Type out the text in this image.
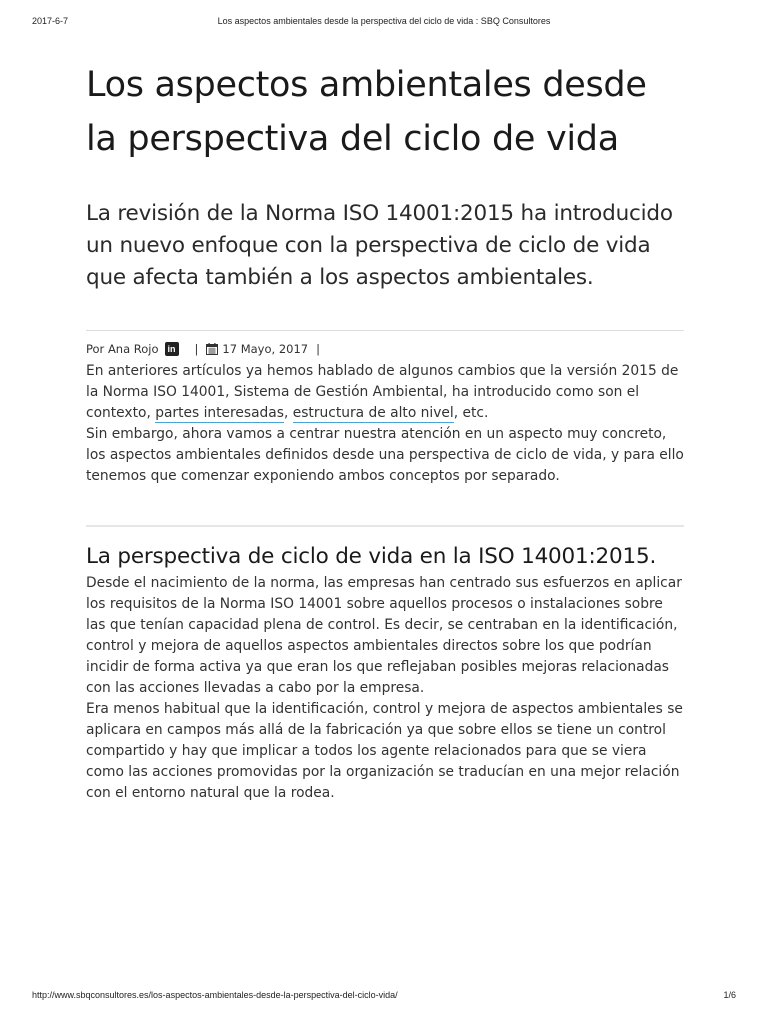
2017-6-7	Los aspectos ambientales desde la perspectiva del ciclo de vida : SBQ Consultores
Los aspectos ambientales desde la perspectiva del ciclo de vida

La revisión de la Norma ISO 14001:2015 ha introducido un nuevo enfoque con la perspectiva de ciclo de vida que afecta también a los aspectos ambientales.

Por Ana Rojo	in | 17 Mayo, 2017 |

En anteriores artículos ya hemos hablado de algunos cambios que la versión 2015 de la Norma ISO 14001, Sistema de Gestión Ambiental, ha introducido como son el contexto, partes interesadas, estructura de alto nivel, etc.

Sin embargo, ahora vamos a centrar nuestra atención en un aspecto muy concreto, los aspectos ambientales definidos desde una perspectiva de ciclo de vida, y para ello tenemos que comenzar exponiendo ambos conceptos por separado.

La perspectiva de ciclo de vida en la ISO 14001:2015.

Desde el nacimiento de la norma, las empresas han centrado sus esfuerzos en aplicar los requisitos de la Norma ISO 14001 sobre aquellos procesos o instalaciones sobre las que tenían capacidad plena de control. Es decir, se centraban en la identificación, control y mejora de aquellos aspectos ambientales directos sobre los que podrían incidir de forma activa ya que eran los que reflejaban posibles mejoras relacionadas con las acciones llevadas a cabo por la empresa.

Era menos habitual que la identificación, control y mejora de aspectos ambientales se aplicara en campos más allá de la fabricación ya que sobre ellos se tiene un control compartido y hay que implicar a todos los agente relacionados para que se viera como las acciones promovidas por la organización se traducían en una mejor relación con el entorno natural que la rodea.

http://www.sbqconsultores.es/los-aspectos-ambientales-desde-la-perspectiva-del-ciclo-vida/	1/6
